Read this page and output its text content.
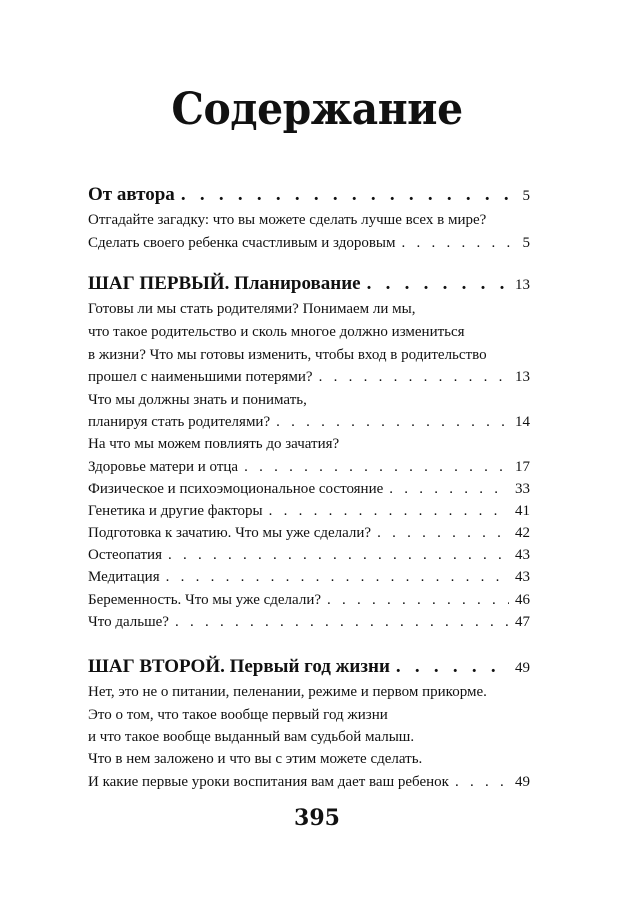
Содержание
От автора . .	5
Отгадайте загадку: что вы можете сделать лучше всех в мире?
Сделать своего ребенка счастливым и здоровым . .	5
ШАГ ПЕРВЫЙ. Планирование . .	13
Готовы ли мы стать родителями? Понимаем ли мы,
что такое родительство и сколь многое должно измениться
в жизни? Что мы готовы изменить, чтобы вход в родительство
прошел с наименьшими потерями? . .	13
Что мы должны знать и понимать,
планируя стать родителями? . .	14
На что мы можем повлиять до зачатия?
Здоровье матери и отца . .	17
Физическое и психоэмоциональное состояние . .	33
Генетика и другие факторы . .	41
Подготовка к зачатию. Что мы уже сделали? . .	42
Остеопатия . .	43
Медитация . .	43
Беременность. Что мы уже сделали? . .	46
Что дальше? . .	47
ШАГ ВТОРОЙ. Первый год жизни . .	49
Нет, это не о питании, пеленании, режиме и первом прикорме.
Это о том, что такое вообще первый год жизни
и что такое вообще выданный вам судьбой малыш.
Что в нем заложено и что вы с этим можете сделать.
И какие первые уроки воспитания вам дает ваш ребенок . .	49
395
